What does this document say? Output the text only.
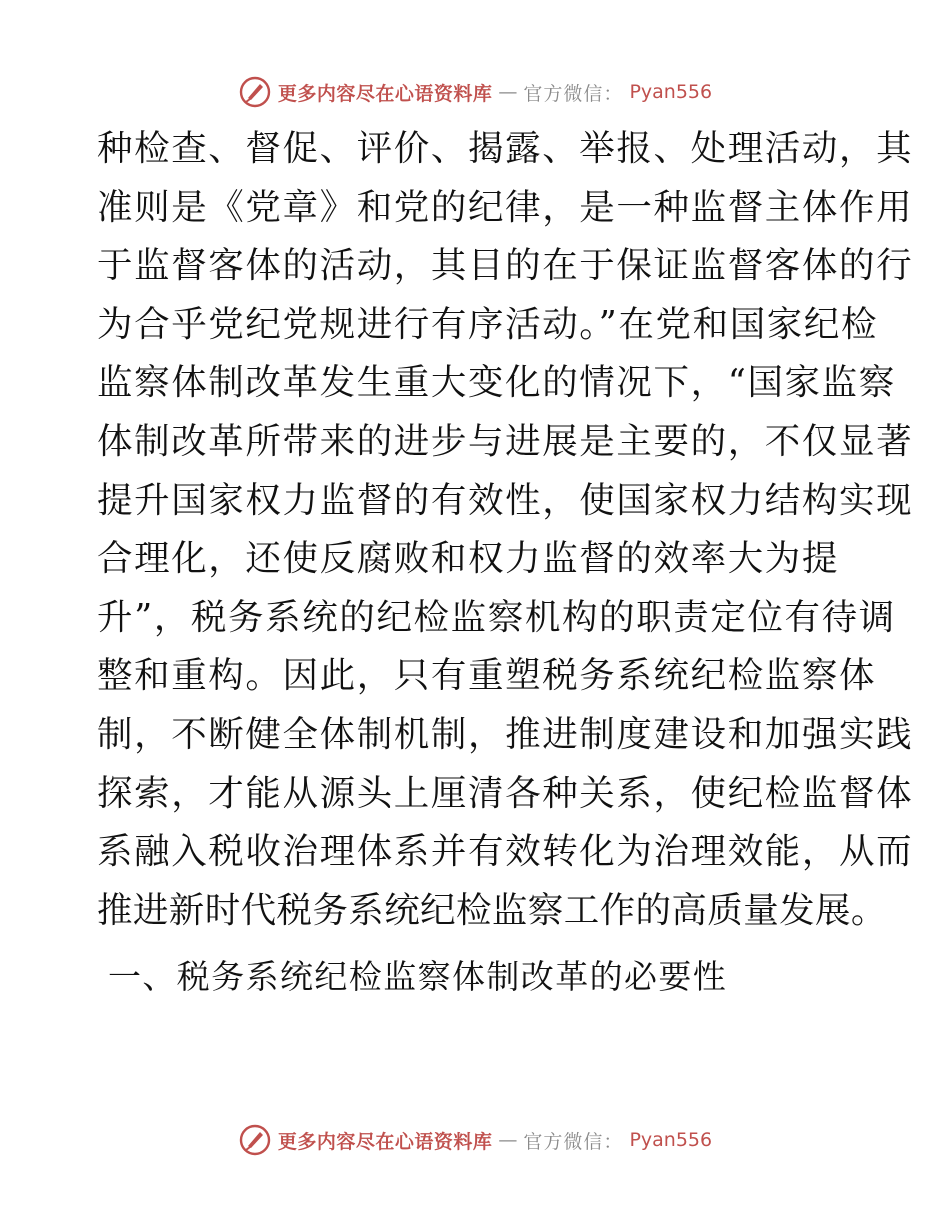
更多内容尽在心语资料库 — 官方微信： Pyan556
种检查、督促、评价、揭露、举报、处理活动，其
准则是《党章》和党的纪律，是一种监督主体作用
于监督客体的活动，其目的在于保证监督客体的行
为合乎党纪党规进行有序活动。”在党和国家纪检
监察体制改革发生重大变化的情况下，“国家监察
体制改革所带来的进步与进展是主要的，不仅显著
提升国家权力监督的有效性，使国家权力结构实现
合理化，还使反腐败和权力监督的效率大为提
升”，税务系统的纪检监察机构的职责定位有待调
整和重构。因此，只有重塑税务系统纪检监察体
制，不断健全体制机制，推进制度建设和加强实践
探索，才能从源头上厘清各种关系，使纪检监督体
系融入税收治理体系并有效转化为治理效能，从而
推进新时代税务系统纪检监察工作的高质量发展。
一、税务系统纪检监察体制改革的必要性
更多内容尽在心语资料库 — 官方微信： Pyan556
